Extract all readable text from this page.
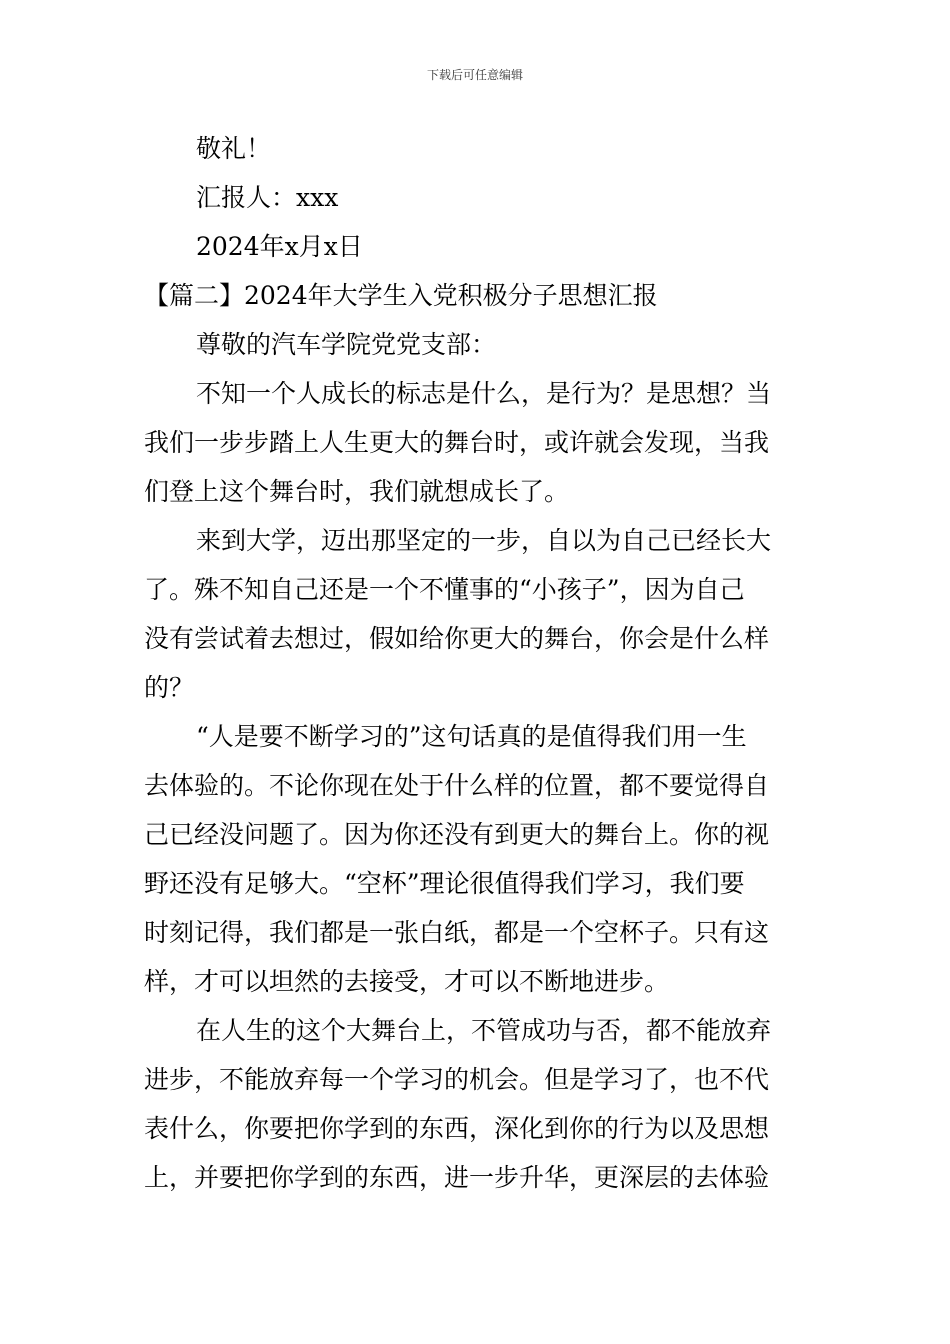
下载后可任意编辑
敬礼！
汇报人：xxx
2024年x月x日
【篇二】2024年大学生入党积极分子思想汇报
尊敬的汽车学院党党支部：
不知一个人成长的标志是什么，是行为？是思想？当
我们一步步踏上人生更大的舞台时，或许就会发现，当我
们登上这个舞台时，我们就想成长了。
来到大学，迈出那坚定的一步，自以为自己已经长大
了。殊不知自己还是一个不懂事的“小孩子”，因为自己
没有尝试着去想过，假如给你更大的舞台，你会是什么样
的？
“人是要不断学习的”这句话真的是值得我们用一生
去体验的。不论你现在处于什么样的位置，都不要觉得自
己已经没问题了。因为你还没有到更大的舞台上。你的视
野还没有足够大。“空杯”理论很值得我们学习，我们要
时刻记得，我们都是一张白纸，都是一个空杯子。只有这
样，才可以坦然的去接受，才可以不断地进步。
在人生的这个大舞台上，不管成功与否，都不能放弃
进步，不能放弃每一个学习的机会。但是学习了，也不代
表什么，你要把你学到的东西，深化到你的行为以及思想
上，并要把你学到的东西，进一步升华，更深层的去体验
